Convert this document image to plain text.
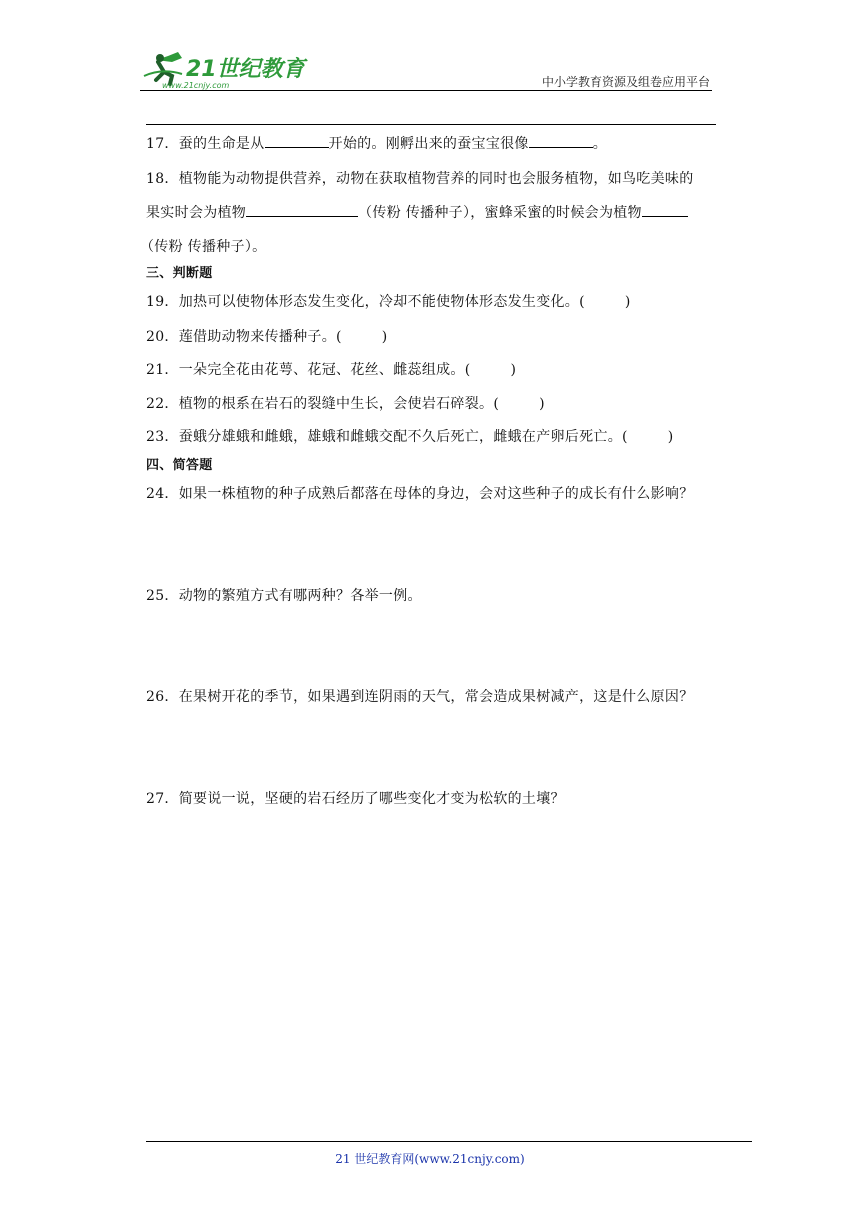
21世纪教育
www.21cnjy.com	中小学教育资源及组卷应用平台
17．蚕的生命是从	开始的。刚孵出来的蚕宝宝很像	。
18．植物能为动物提供营养，动物在获取植物营养的同时也会服务植物，如鸟吃美味的
果实时会为植物	（传粉 传播种子），蜜蜂采蜜的时候会为植物
（传粉 传播种子）。
三、判断题
19．加热可以使物体形态发生变化，冷却不能使物体形态发生变化。(	)
20．莲借助动物来传播种子。(	)
21．一朵完全花由花萼、花冠、花丝、雌蕊组成。(	)
22．植物的根系在岩石的裂缝中生长，会使岩石碎裂。(	)
23．蚕蛾分雄蛾和雌蛾，雄蛾和雌蛾交配不久后死亡，雌蛾在产卵后死亡。(	)
四、简答题
24．如果一株植物的种子成熟后都落在母体的身边，会对这些种子的成长有什么影响？
25．动物的繁殖方式有哪两种？各举一例。
26．在果树开花的季节，如果遇到连阴雨的天气，常会造成果树减产，这是什么原因？
27．简要说一说，坚硬的岩石经历了哪些变化才变为松软的土壤？
21 世纪教育网(www.21cnjy.com)
